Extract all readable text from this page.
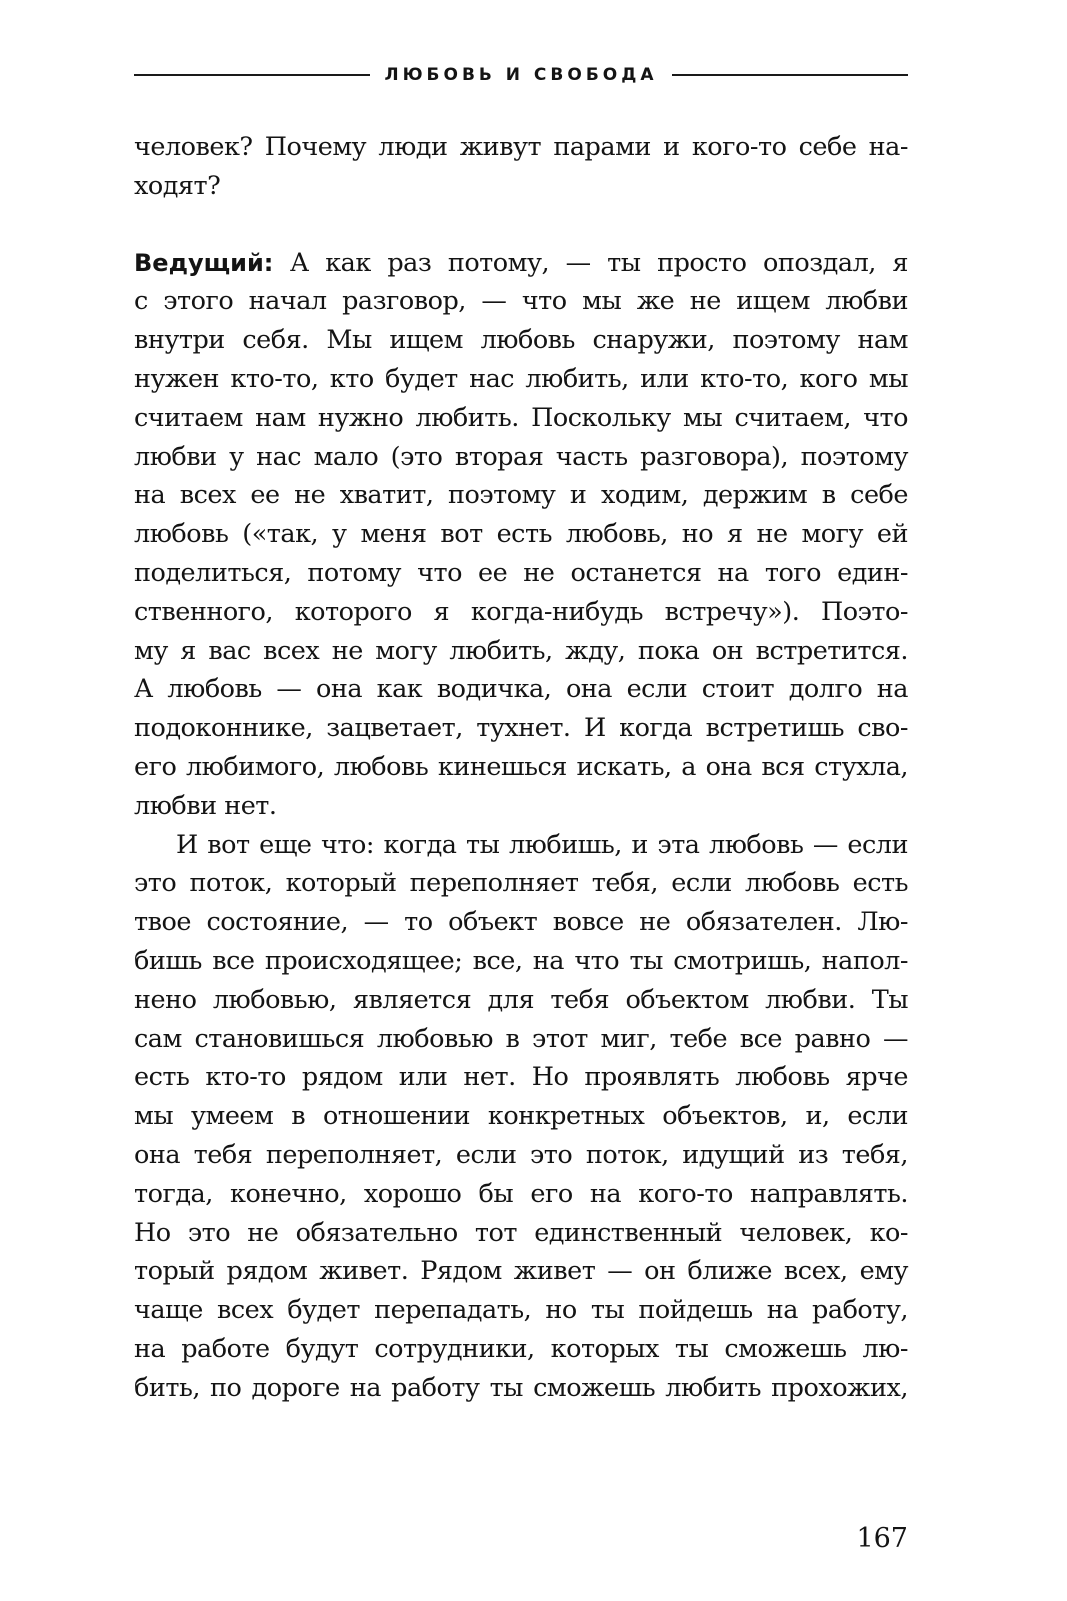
ЛЮБОВЬ И СВОБОДА
человек? Почему люди живут парами и кого-то себе на-
ходят?
Ведущий: А как раз потому, — ты просто опоздал, я
с этого начал разговор, — что мы же не ищем любви
внутри себя. Мы ищем любовь снаружи, поэтому нам
нужен кто-то, кто будет нас любить, или кто-то, кого мы
считаем нам нужно любить. Поскольку мы считаем, что
любви у нас мало (это вторая часть разговора), поэтому
на всех ее не хватит, поэтому и ходим, держим в себе
любовь («так, у меня вот есть любовь, но я не могу ей
поделиться, потому что ее не останется на того един-
ственного, которого я когда-нибудь встречу»). Поэто-
му я вас всех не могу любить, жду, пока он встретится.
А любовь — она как водичка, она если стоит долго на
подоконнике, зацветает, тухнет. И когда встретишь сво-
его любимого, любовь кинешься искать, а она вся стухла,
любви нет.
И вот еще что: когда ты любишь, и эта любовь — если
это поток, который переполняет тебя, если любовь есть
твое состояние, — то объект вовсе не обязателен. Лю-
бишь все происходящее; все, на что ты смотришь, напол-
нено любовью, является для тебя объектом любви. Ты
сам становишься любовью в этот миг, тебе все равно —
есть кто-то рядом или нет. Но проявлять любовь ярче
мы умеем в отношении конкретных объектов, и, если
она тебя переполняет, если это поток, идущий из тебя,
тогда, конечно, хорошо бы его на кого-то направлять.
Но это не обязательно тот единственный человек, ко-
торый рядом живет. Рядом живет — он ближе всех, ему
чаще всех будет перепадать, но ты пойдешь на работу,
на работе будут сотрудники, которых ты сможешь лю-
бить, по дороге на работу ты сможешь любить прохожих,
167
